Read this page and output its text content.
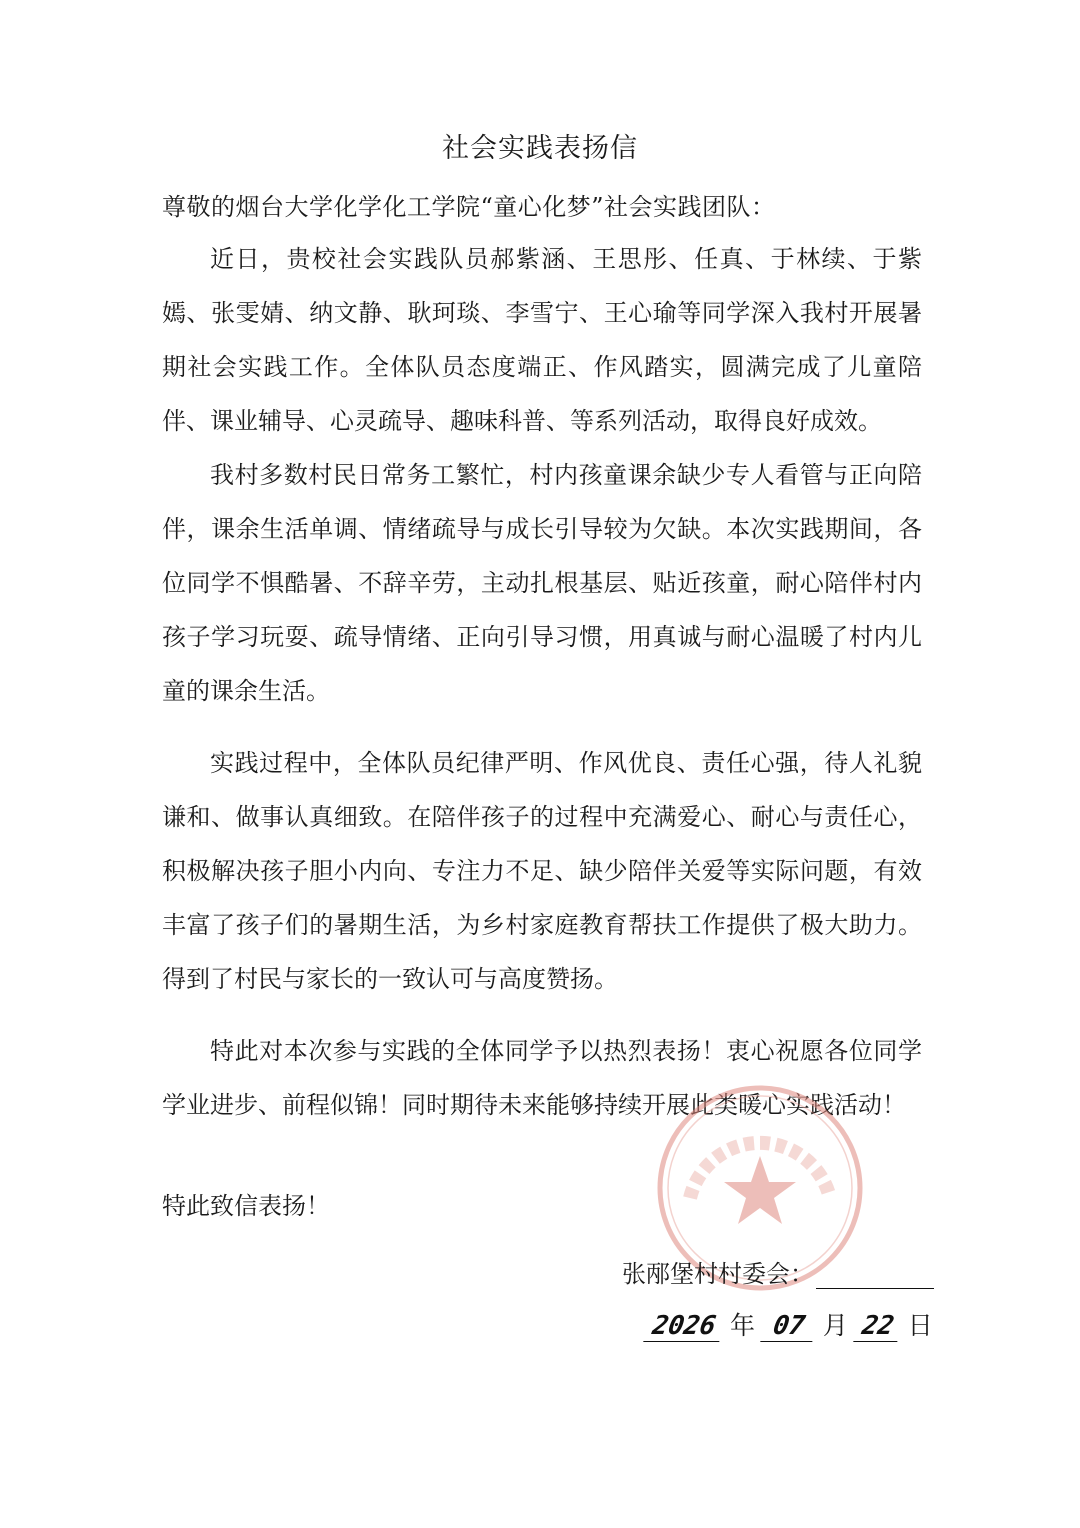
社会实践表扬信
尊敬的烟台大学化学化工学院“童心化梦”社会实践团队：

近日，贵校社会实践队员郝紫涵、王思彤、任真、于林续、于紫嫣、张雯婧、纳文静、耿珂琰、李雪宁、王心瑜等同学深入我村开展暑期社会实践工作。全体队员态度端正、作风踏实，圆满完成了儿童陪伴、课业辅导、心灵疏导、趣味科普、等系列活动，取得良好成效。

我村多数村民日常务工繁忙，村内孩童课余缺少专人看管与正向陪伴，课余生活单调、情绪疏导与成长引导较为欠缺。本次实践期间，各位同学不惧酷暑、不辞辛劳，主动扎根基层、贴近孩童，耐心陪伴村内孩子学习玩耍、疏导情绪、正向引导习惯，用真诚与耐心温暖了村内儿童的课余生活。

实践过程中，全体队员纪律严明、作风优良、责任心强，待人礼貌谦和、做事认真细致。在陪伴孩子的过程中充满爱心、耐心与责任心，积极解决孩子胆小内向、专注力不足、缺少陪伴关爱等实际问题，有效丰富了孩子们的暑期生活，为乡村家庭教育帮扶工作提供了极大助力。得到了村民与家长的一致认可与高度赞扬。

特此对本次参与实践的全体同学予以热烈表扬！衷心祝愿各位同学学业进步、前程似锦！同时期待未来能够持续开展此类暖心实践活动！

特此致信表扬！
张邴堡村村委会：
2026 年 07 月 22 日
